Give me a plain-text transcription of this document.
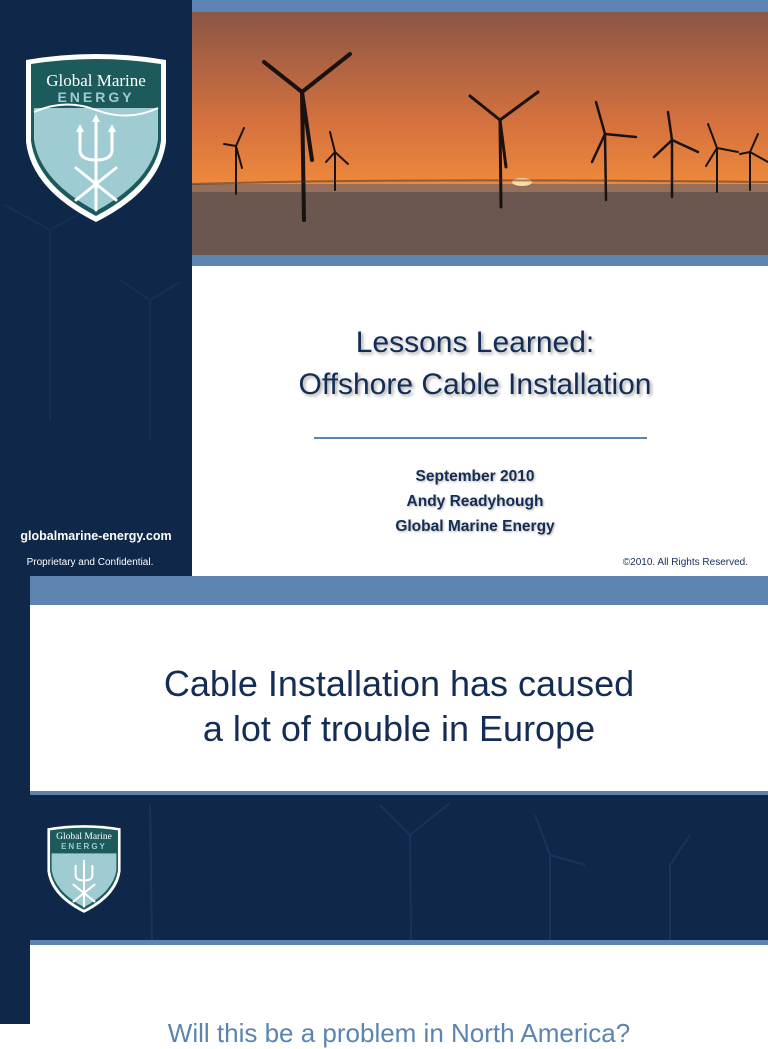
Global Marine
ENERGY
globalmarine-energy.com
Proprietary and Confidential.
Lessons Learned:
Offshore Cable Installation
September 2010
Andy Readyhough
Global Marine Energy
©2010. All Rights Reserved.
Cable Installation has caused
a lot of trouble in Europe
Global Marine
ENERGY
Will this be a problem in North America?
